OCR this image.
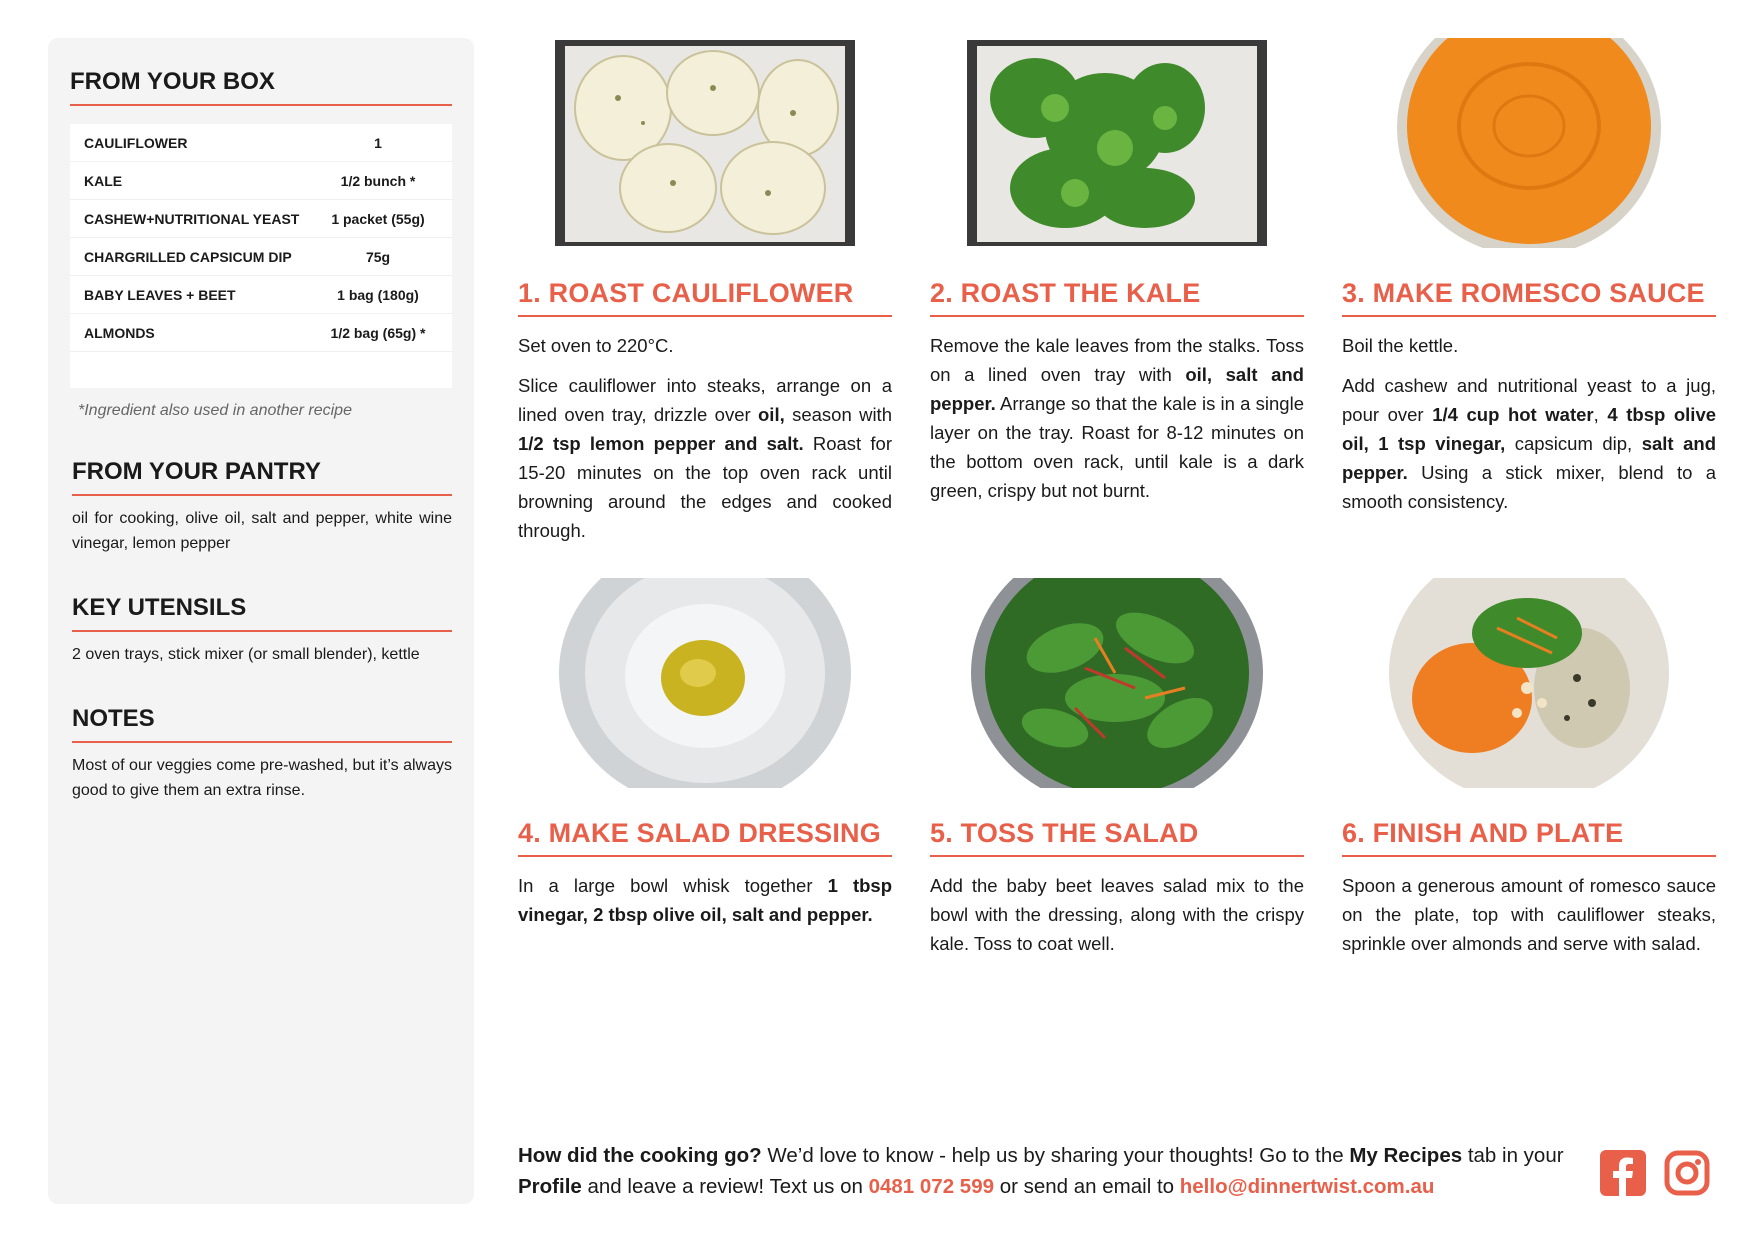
FROM YOUR BOX
CAULIFLOWER	1
KALE	1/2 bunch *
CASHEW+NUTRITIONAL YEAST	1 packet (55g)
CHARGRILLED CAPSICUM DIP	75g
BABY LEAVES + BEET	1 bag (180g)
ALMONDS	1/2 bag (65g) *
*Ingredient also used in another recipe
FROM YOUR PANTRY
oil for cooking, olive oil, salt and pepper, white wine vinegar, lemon pepper
KEY UTENSILS
2 oven trays, stick mixer (or small blender), kettle
NOTES
Most of our veggies come pre-washed, but it’s always good to give them an extra rinse.
1. ROAST CAULIFLOWER

Set oven to 220°C.

Slice cauliflower into steaks, arrange on a lined oven tray, drizzle over oil, season with 1/2 tsp lemon pepper and salt. Roast for 15-20 minutes on the top oven rack until browning around the edges and cooked through.

2. ROAST THE KALE

Remove the kale leaves from the stalks. Toss on a lined oven tray with oil, salt and pepper. Arrange so that the kale is in a single layer on the tray. Roast for 8-12 minutes on the bottom oven rack, until kale is a dark green, crispy but not burnt.

3. MAKE ROMESCO SAUCE

Boil the kettle.

Add cashew and nutritional yeast to a jug, pour over 1/4 cup hot water, 4 tbsp olive oil, 1 tsp vinegar, capsicum dip, salt and pepper. Using a stick mixer, blend to a smooth consistency.

4. MAKE SALAD DRESSING

In a large bowl whisk together 1 tbsp vinegar, 2 tbsp olive oil, salt and pepper.

5. TOSS THE SALAD

Add the baby beet leaves salad mix to the bowl with the dressing, along with the crispy kale. Toss to coat well.

6. FINISH AND PLATE

Spoon a generous amount of romesco sauce on the plate, top with cauliflower steaks, sprinkle over almonds and serve with salad.

How did the cooking go? We’d love to know - help us by sharing your thoughts! Go to the My Recipes tab in your Profile and leave a review! Text us on 0481 072 599 or send an email to hello@dinnertwist.com.au
